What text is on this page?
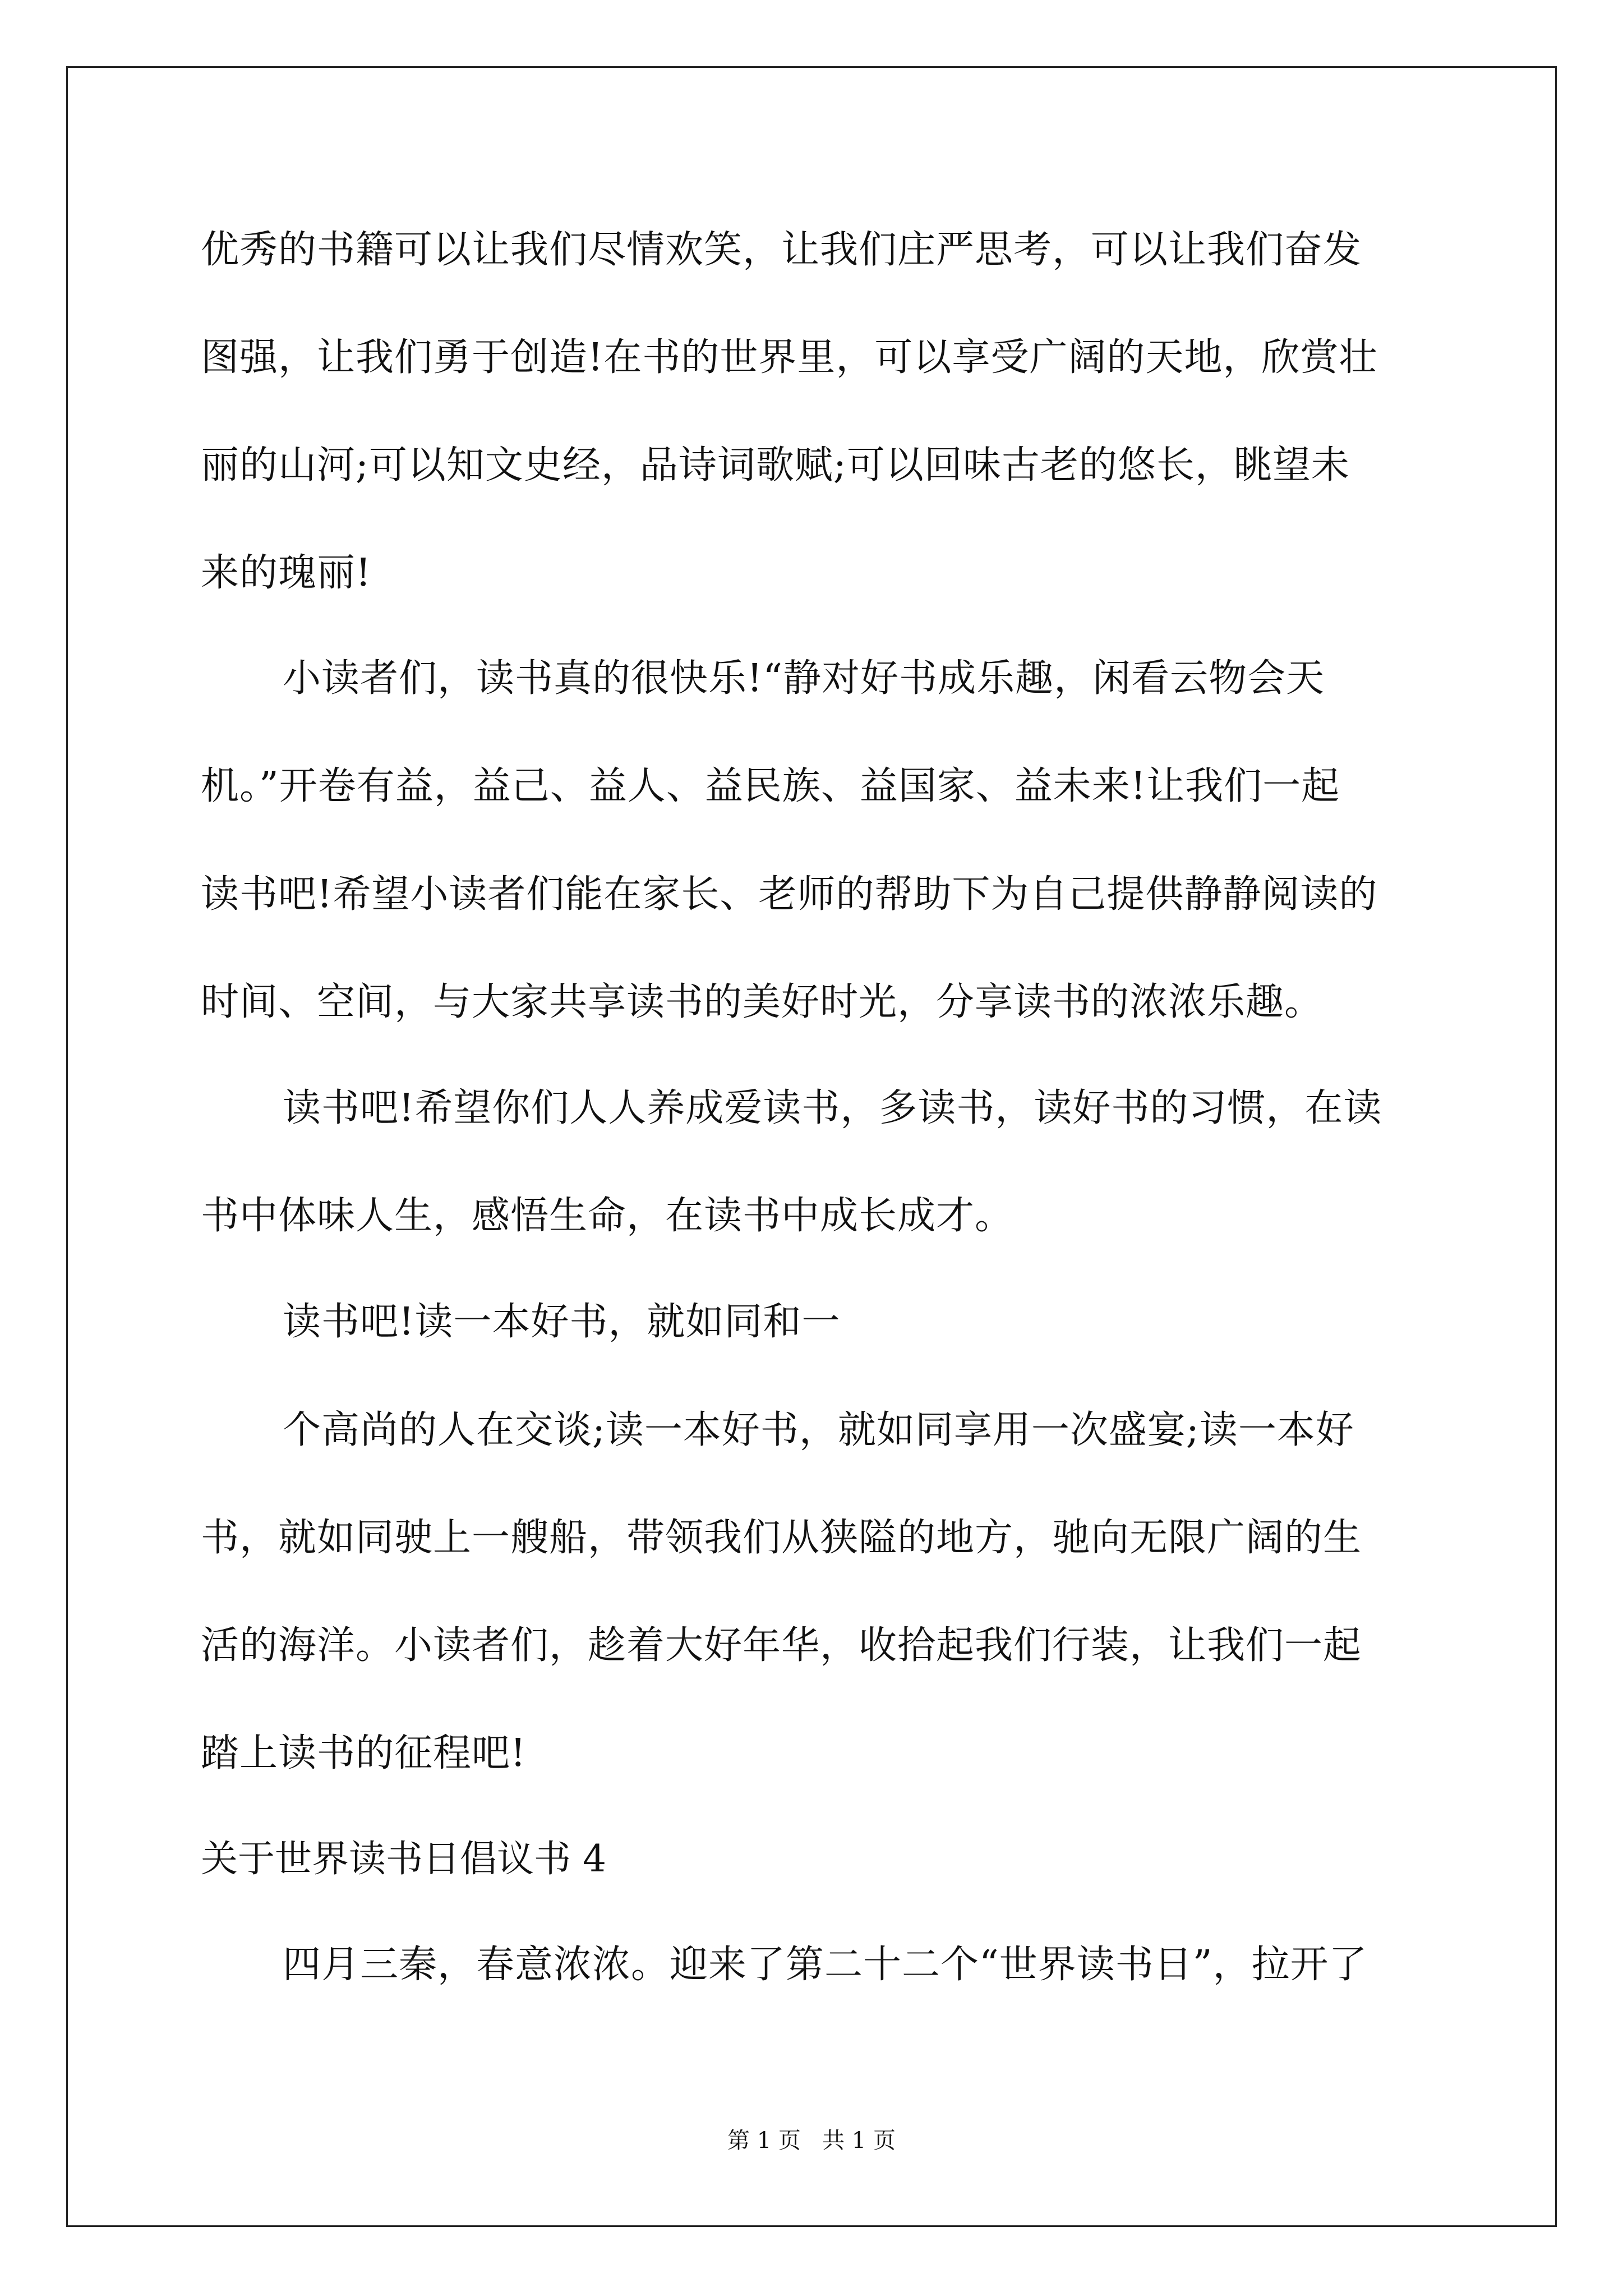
优秀的书籍可以让我们尽情欢笑，让我们庄严思考，可以让我们奋发
图强，让我们勇于创造!在书的世界里，可以享受广阔的天地，欣赏壮
丽的山河;可以知文史经，品诗词歌赋;可以回味古老的悠长，眺望未
来的瑰丽!
小读者们，读书真的很快乐!“静对好书成乐趣，闲看云物会天
机。”开卷有益，益己、益人、益民族、益国家、益未来!让我们一起
读书吧!希望小读者们能在家长、老师的帮助下为自己提供静静阅读的
时间、空间，与大家共享读书的美好时光，分享读书的浓浓乐趣。
读书吧!希望你们人人养成爱读书，多读书，读好书的习惯，在读
书中体味人生，感悟生命，在读书中成长成才。
读书吧!读一本好书，就如同和一
个高尚的人在交谈;读一本好书，就如同享用一次盛宴;读一本好
书，就如同驶上一艘船，带领我们从狭隘的地方，驰向无限广阔的生
活的海洋。小读者们，趁着大好年华，收拾起我们行装，让我们一起
踏上读书的征程吧!
关于世界读书日倡议书 4
四月三秦，春意浓浓。迎来了第二十二个“世界读书日”，拉开了
第 1 页   共 1 页
